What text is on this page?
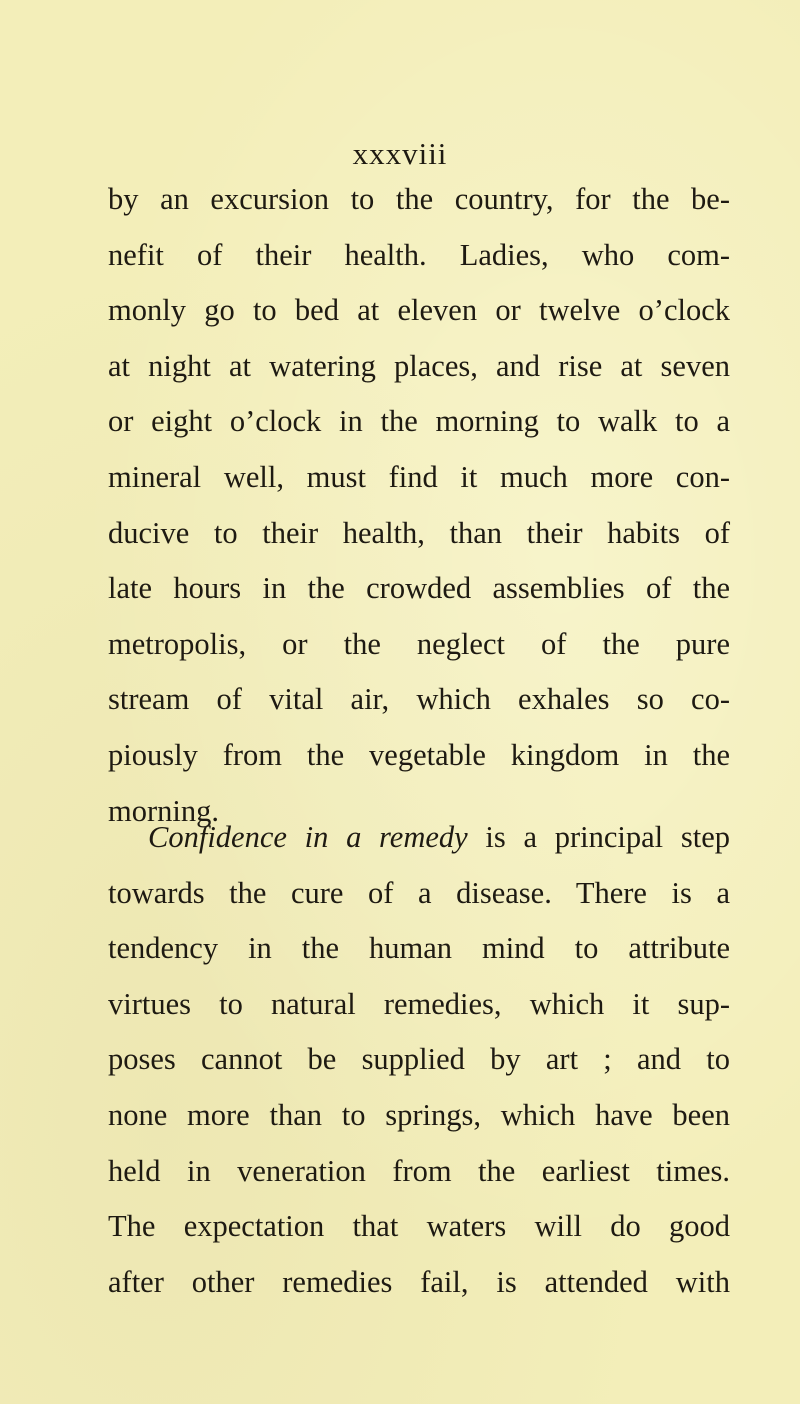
xxxviii
by an excursion to the country, for the be-
nefit of their health. Ladies, who com-
monly go to bed at eleven or twelve o’clock
at night at watering places, and rise at seven
or eight o’clock in the morning to walk to a
mineral well, must find it much more con-
ducive to their health, than their habits of
late hours in the crowded assemblies of the
metropolis, or the neglect of the pure
stream of vital air, which exhales so co-
piously from the vegetable kingdom in the
morning.
Confidence in a remedy is a principal step
towards the cure of a disease. There is a
tendency in the human mind to attribute
virtues to natural remedies, which it sup-
poses cannot be supplied by art ; and to
none more than to springs, which have been
held in veneration from the earliest times.
The expectation that waters will do good
after other remedies fail, is attended with
